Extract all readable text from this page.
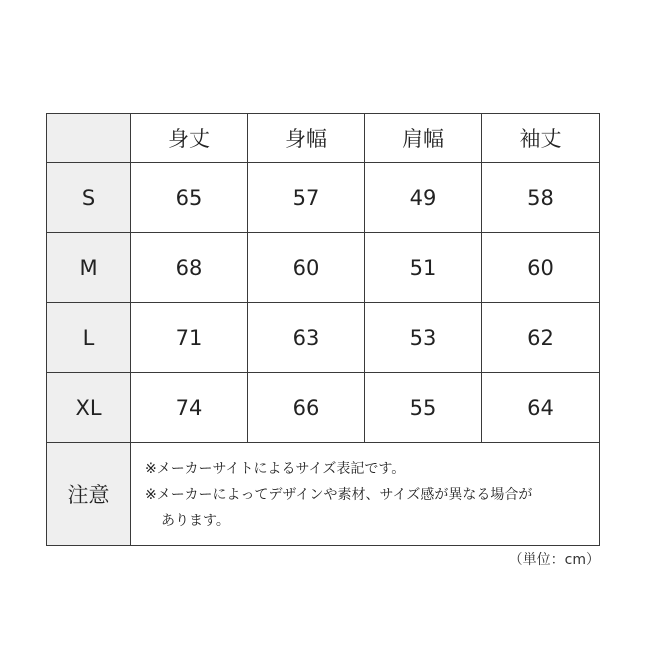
	身丈	身幅	肩幅	袖丈
S	65	57	49	58
M	68	60	51	60
L	71	63	53	62
XL	74	66	55	64
注意	※メーカーサイトによるサイズ表記です。
※メーカーによってデザインや素材、サイズ感が異なる場合が
あります。			
（単位：cm）
